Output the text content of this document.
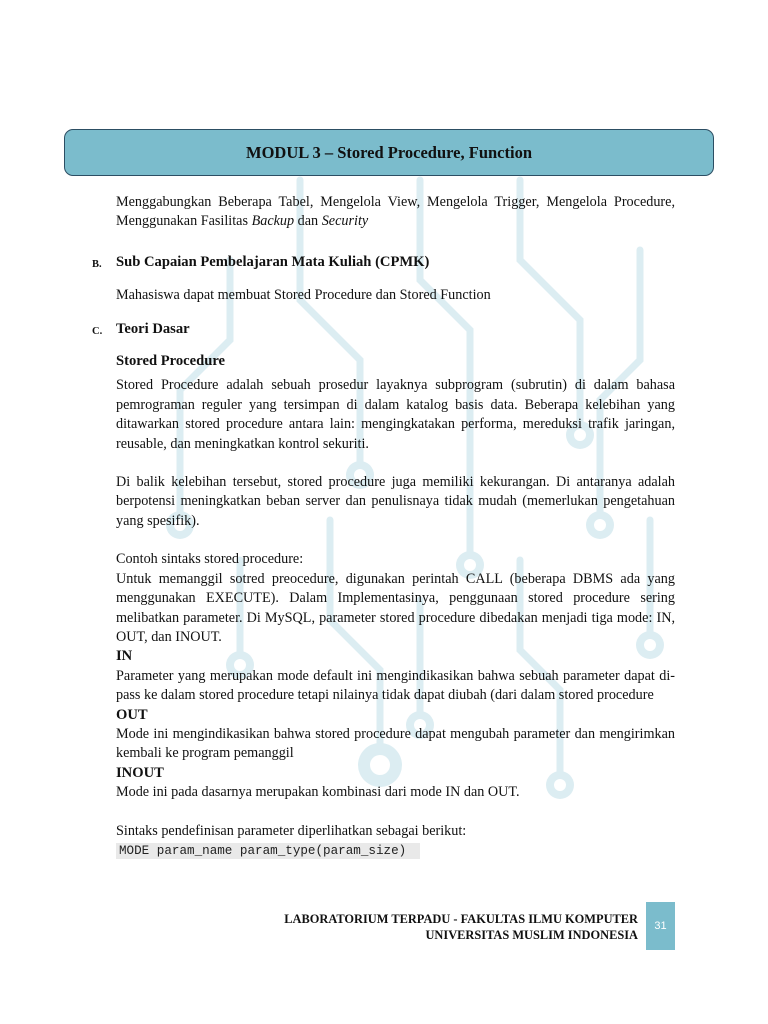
MODUL 3 – Stored Procedure, Function

Menggabungkan Beberapa Tabel, Mengelola View, Mengelola Trigger, Mengelola Procedure, Menggunakan Fasilitas Backup dan Security

B. Sub Capaian Pembelajaran Mata Kuliah (CPMK)

Mahasiswa dapat membuat Stored Procedure dan Stored Function

C. Teori Dasar
Stored Procedure

Stored Procedure adalah sebuah prosedur layaknya subprogram (subrutin) di dalam bahasa pemrograman reguler yang tersimpan di dalam katalog basis data. Beberapa kelebihan yang ditawarkan stored procedure antara lain: mengingkatakan performa, mereduksi trafik jaringan, reusable, dan meningkatkan kontrol sekuriti.

Di balik kelebihan tersebut, stored procedure juga memiliki kekurangan. Di antaranya adalah berpotensi meningkatkan beban server dan penulisnaya tidak mudah (memerlukan pengetahuan yang spesifik).

Contoh sintaks stored procedure:

Untuk memanggil sotred preocedure, digunakan perintah CALL (beberapa DBMS ada yang menggunakan EXECUTE). Dalam Implementasinya, penggunaan stored procedure sering melibatkan parameter. Di MySQL, parameter stored procedure dibedakan menjadi tiga mode: IN, OUT, dan INOUT.

IN

Parameter yang merupakan mode default ini mengindikasikan bahwa sebuah parameter dapat di-pass ke dalam stored procedure tetapi nilainya tidak dapat diubah (dari dalam stored procedure

OUT

Mode ini mengindikasikan bahwa stored procedure dapat mengubah parameter dan mengirimkan kembali ke program pemanggil

INOUT

Mode ini pada dasarnya merupakan kombinasi dari mode IN dan OUT.

Sintaks pendefinisan parameter diperlihatkan sebagai berikut:

MODE param_name param_type(param_size)
LABORATORIUM TERPADU - FAKULTAS ILMU KOMPUTER
UNIVERSITAS MUSLIM INDONESIA
31
